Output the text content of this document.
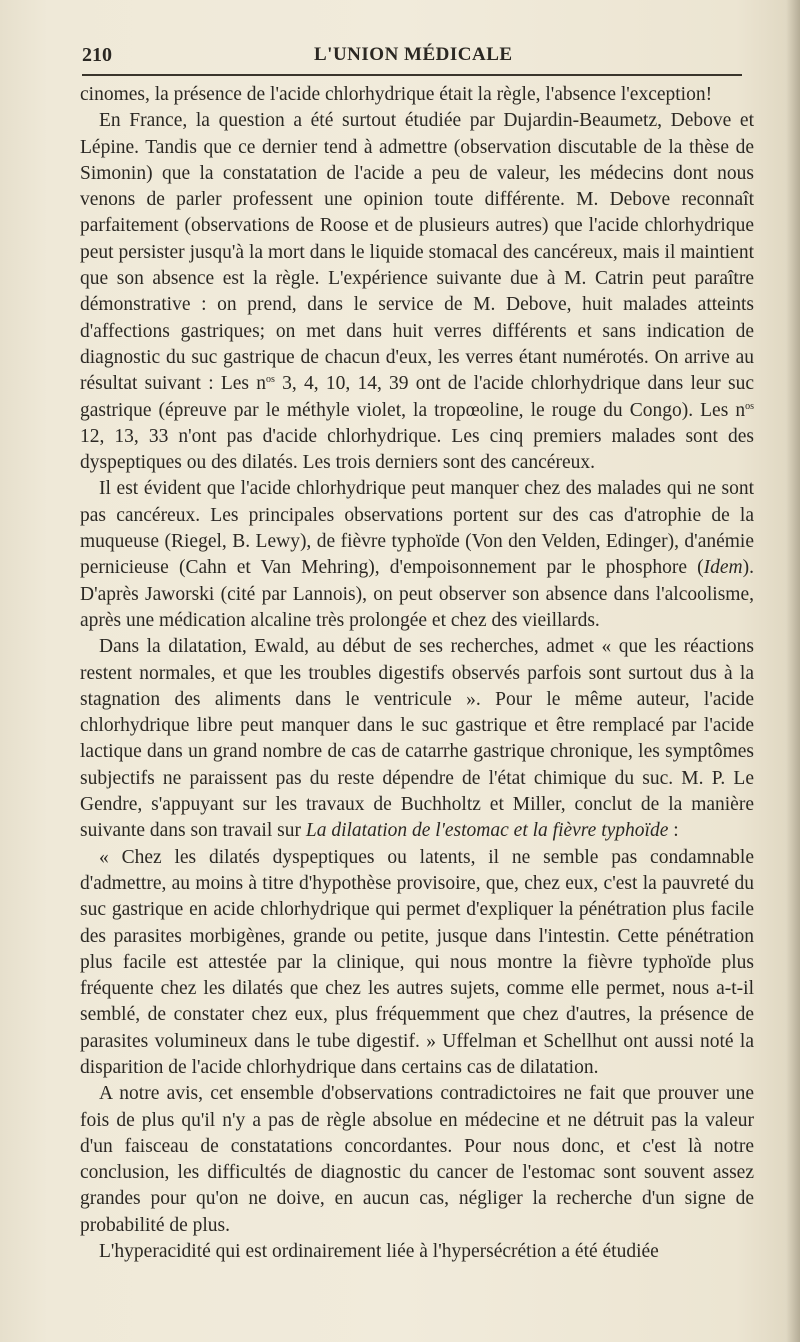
210	L'UNION MÉDICALE

cinomes, la présence de l'acide chlorhydrique était la règle, l'absence l'exception!

En France, la question a été surtout étudiée par Dujardin-Beaumetz, Debove et Lépine. Tandis que ce dernier tend à admettre (observation discutable de la thèse de Simonin) que la constatation de l'acide a peu de valeur, les médecins dont nous venons de parler professent une opinion toute différente. M. Debove reconnaît parfaitement (observations de Roose et de plusieurs autres) que l'acide chlorhydrique peut persister jusqu'à la mort dans le liquide stomacal des cancéreux, mais il maintient que son absence est la règle. L'expérience suivante due à M. Catrin peut paraître démonstrative : on prend, dans le service de M. Debove, huit malades atteints d'affections gastriques; on met dans huit verres différents et sans indication de diagnostic du suc gastrique de chacun d'eux, les verres étant numérotés. On arrive au résultat suivant : Les $n^{os}$ 3, 4, 10, 14, 39 ont de l'acide chlorhydrique dans leur suc gastrique (épreuve par le méthyle violet, la tropœoline, le rouge du Congo). Les $n^{os}$ 12, 13, 33 n'ont pas d'acide chlorhydrique. Les cinq premiers malades sont des dyspeptiques ou des dilatés. Les trois derniers sont des cancéreux.

Il est évident que l'acide chlorhydrique peut manquer chez des malades qui ne sont pas cancéreux. Les principales observations portent sur des cas d'atrophie de la muqueuse (Riegel, B. Lewy), de fièvre typhoïde (Von den Velden, Edinger), d'anémie pernicieuse (Cahn et Van Mehring), d'empoisonnement par le phosphore (Idem). D'après Jaworski (cité par Lannois), on peut observer son absence dans l'alcoolisme, après une médication alcaline très prolongée et chez des vieillards.

Dans la dilatation, Ewald, au début de ses recherches, admet « que les réactions restent normales, et que les troubles digestifs observés parfois sont surtout dus à la stagnation des aliments dans le ventricule ». Pour le même auteur, l'acide chlorhydrique libre peut manquer dans le suc gastrique et être remplacé par l'acide lactique dans un grand nombre de cas de catarrhe gastrique chronique, les symptômes subjectifs ne paraissent pas du reste dépendre de l'état chimique du suc. M. P. Le Gendre, s'appuyant sur les travaux de Buchholtz et Miller, conclut de la manière suivante dans son travail sur La dilatation de l'estomac et la fièvre typhoïde :

« Chez les dilatés dyspeptiques ou latents, il ne semble pas condamnable d'admettre, au moins à titre d'hypothèse provisoire, que, chez eux, c'est la pauvreté du suc gastrique en acide chlorhydrique qui permet d'expliquer la pénétration plus facile des parasites morbigènes, grande ou petite, jusque dans l'intestin. Cette pénétration plus facile est attestée par la clinique, qui nous montre la fièvre typhoïde plus fréquente chez les dilatés que chez les autres sujets, comme elle permet, nous a-t-il semblé, de constater chez eux, plus fréquemment que chez d'autres, la présence de parasites volumineux dans le tube digestif. » Uffelman et Schellhut ont aussi noté la disparition de l'acide chlorhydrique dans certains cas de dilatation.

A notre avis, cet ensemble d'observations contradictoires ne fait que prouver une fois de plus qu'il n'y a pas de règle absolue en médecine et ne détruit pas la valeur d'un faisceau de constatations concordantes. Pour nous donc, et c'est là notre conclusion, les difficultés de diagnostic du cancer de l'estomac sont souvent assez grandes pour qu'on ne doive, en aucun cas, négliger la recherche d'un signe de probabilité de plus.

L'hyperacidité qui est ordinairement liée à l'hypersécrétion a été étudiée
